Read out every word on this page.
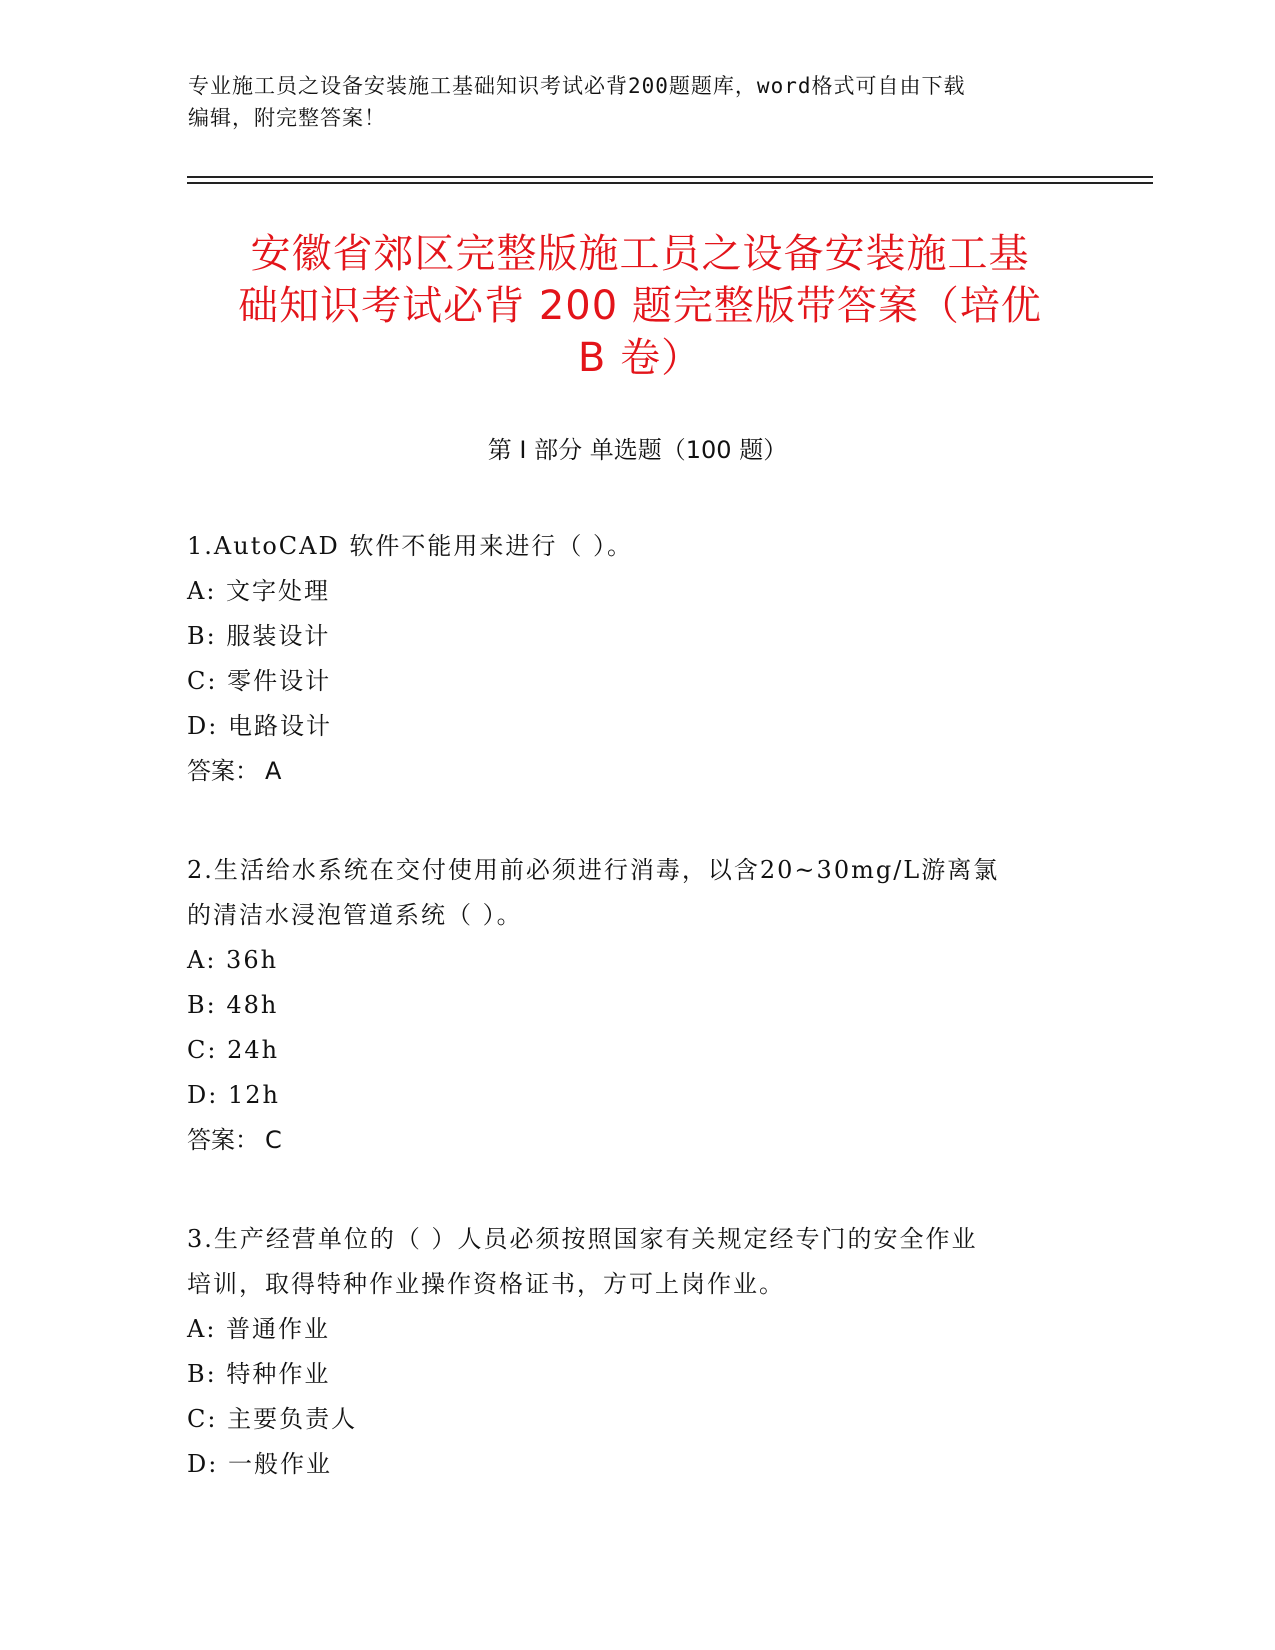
专业施工员之设备安装施工基础知识考试必背200题题库，word格式可自由下载
编辑，附完整答案！
安徽省郊区完整版施工员之设备安装施工基
础知识考试必背 200 题完整版带答案（培优
B 卷）
第 I 部分 单选题（100 题）
1.AutoCAD 软件不能用来进行（ ）。
A: 文字处理
B: 服装设计
C: 零件设计
D: 电路设计
答案： A
2.生活给水系统在交付使用前必须进行消毒，以含20~30mg/L游离氯
的清洁水浸泡管道系统（ ）。
A: 36h
B: 48h
C: 24h
D: 12h
答案： C
3.生产经营单位的（ ）人员必须按照国家有关规定经专门的安全作业
培训，取得特种作业操作资格证书，方可上岗作业。
A: 普通作业
B: 特种作业
C: 主要负责人
D: 一般作业
